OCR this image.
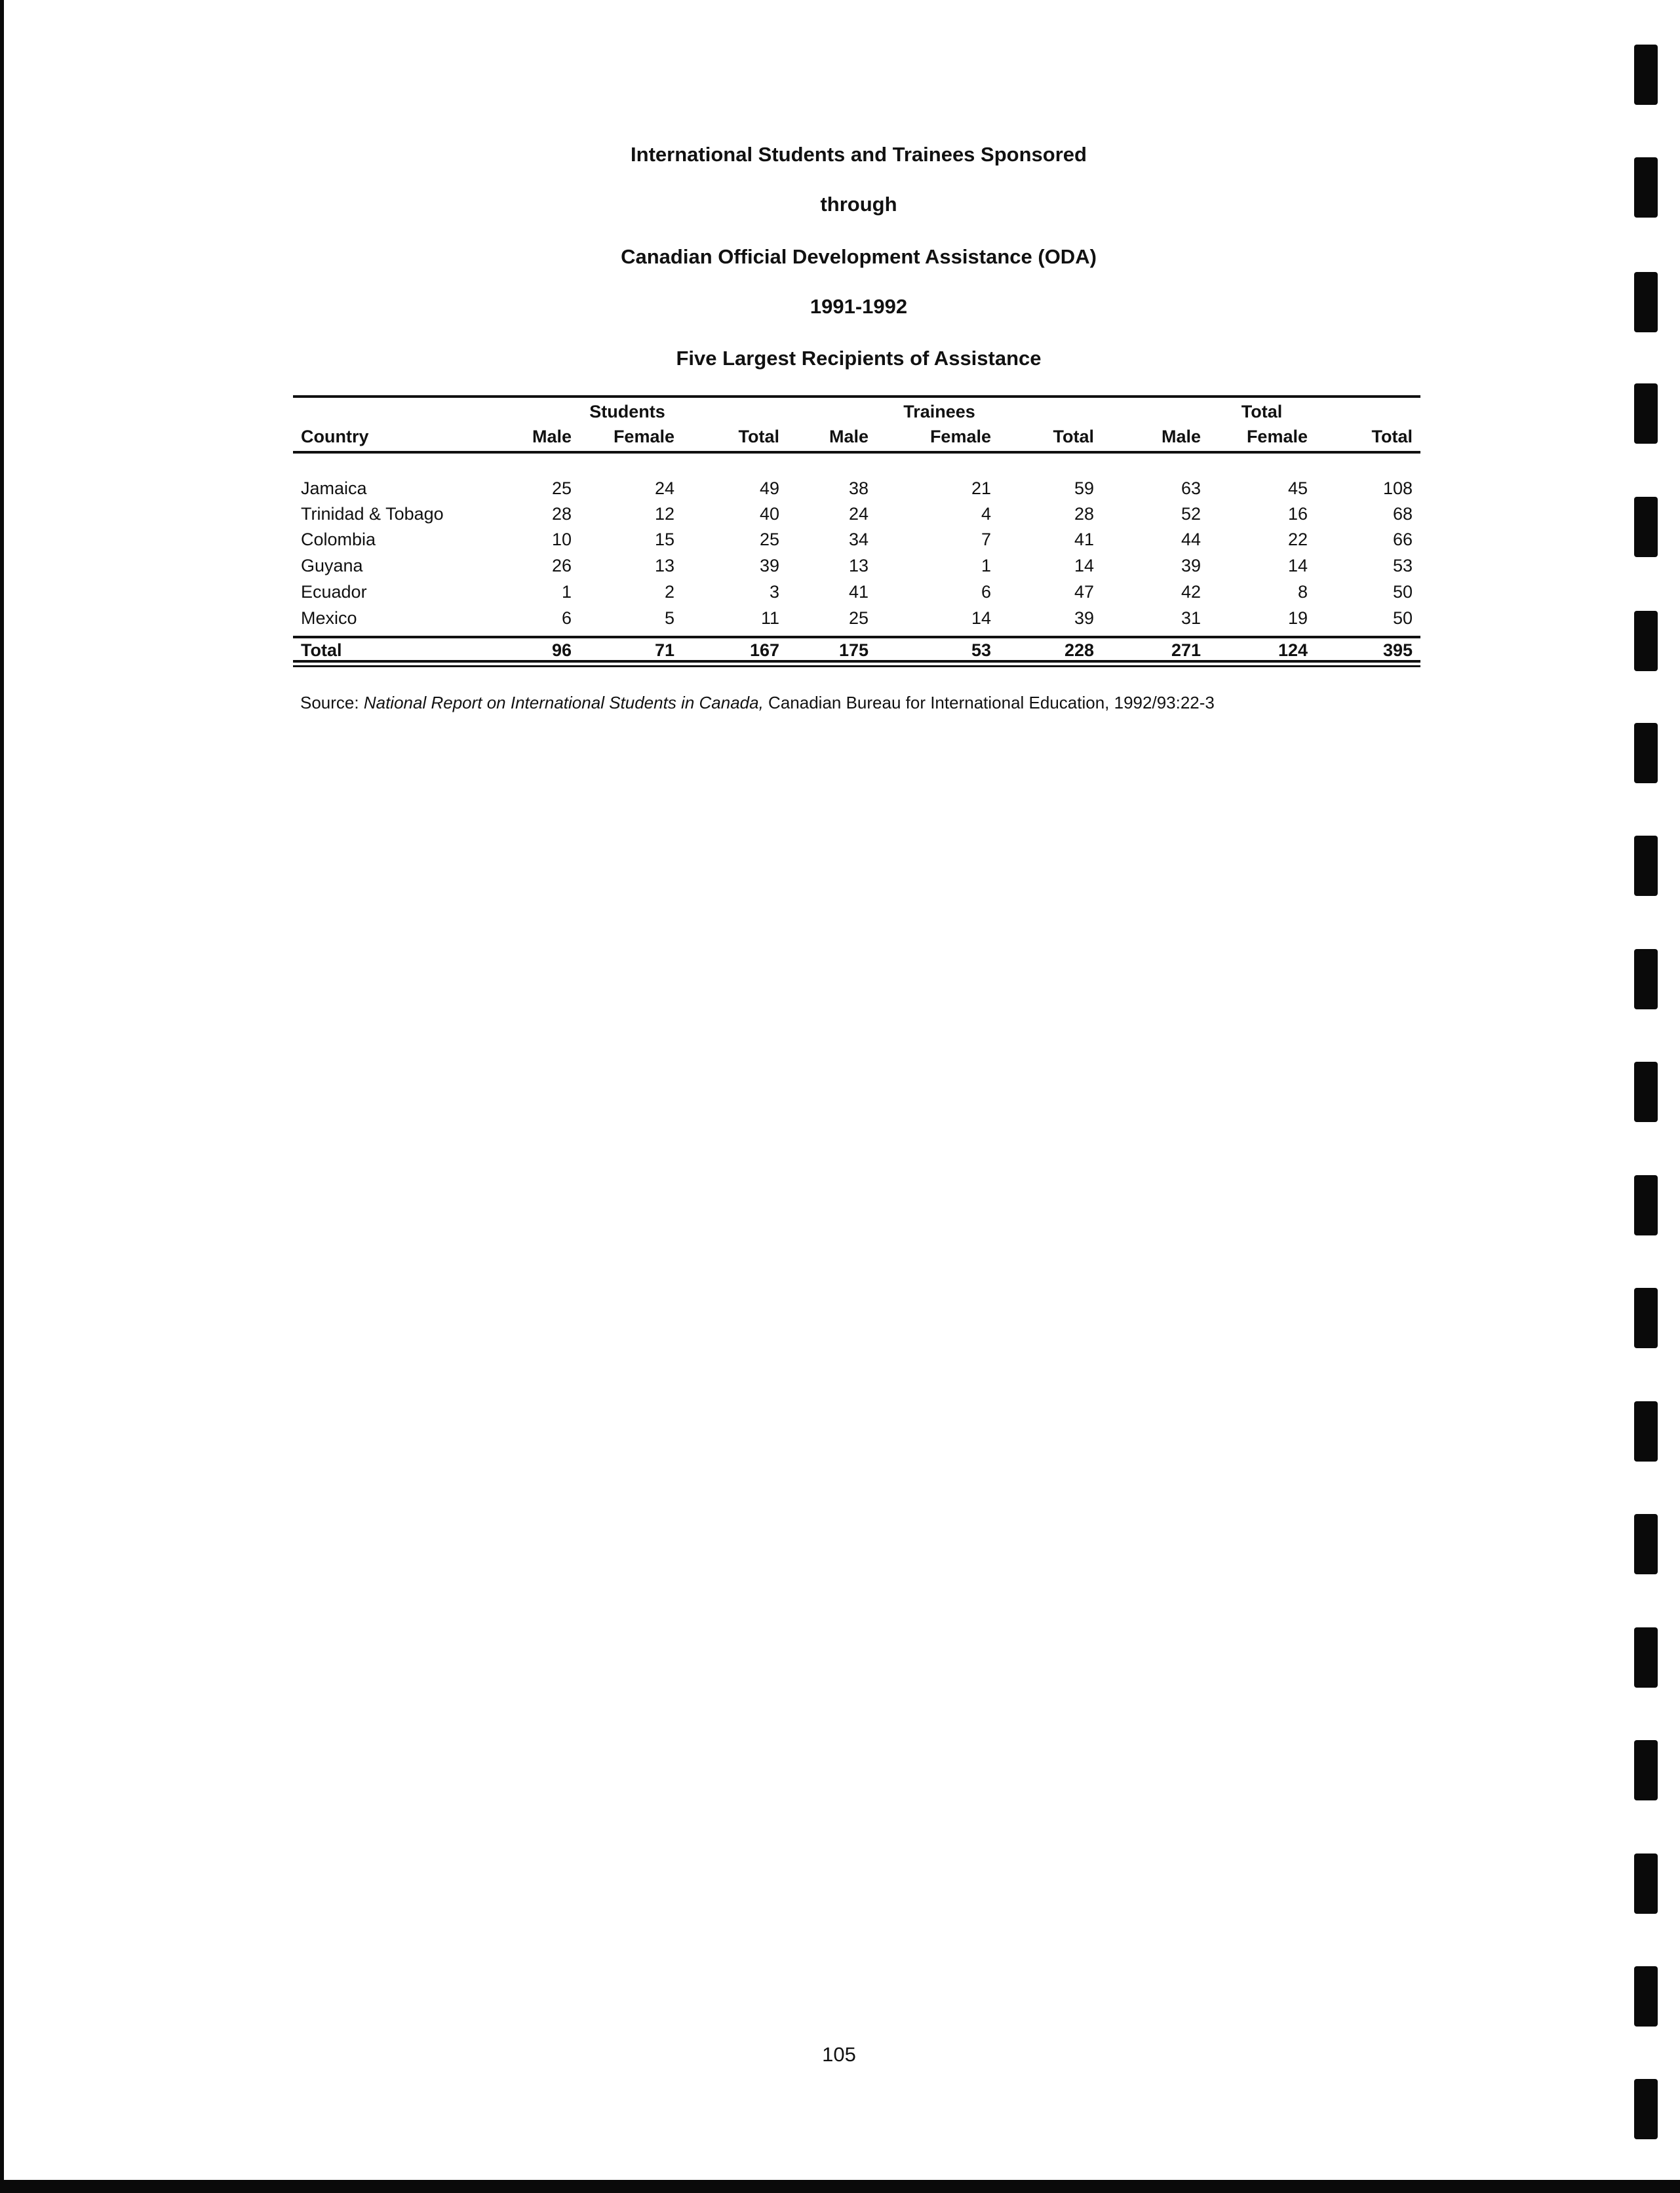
International Students and Trainees Sponsored
through
Canadian Official Development Assistance (ODA)
1991-1992
Five Largest Recipients of Assistance
Students	Trainees	Total
Country	Male	Female	Total	Male	Female	Total	Male	Female	Total
Jamaica	25	24	49	38	21	59	63	45	108
Trinidad & Tobago	28	12	40	24	4	28	52	16	68
Colombia	10	15	25	34	7	41	44	22	66
Guyana	26	13	39	13	1	14	39	14	53
Ecuador	1	2	3	41	6	47	42	8	50
Mexico	6	5	11	25	14	39	31	19	50
Total	96	71	167	175	53	228	271	124	395
Source: National Report on International Students in Canada, Canadian Bureau for International Education, 1992/93:22-3
105
